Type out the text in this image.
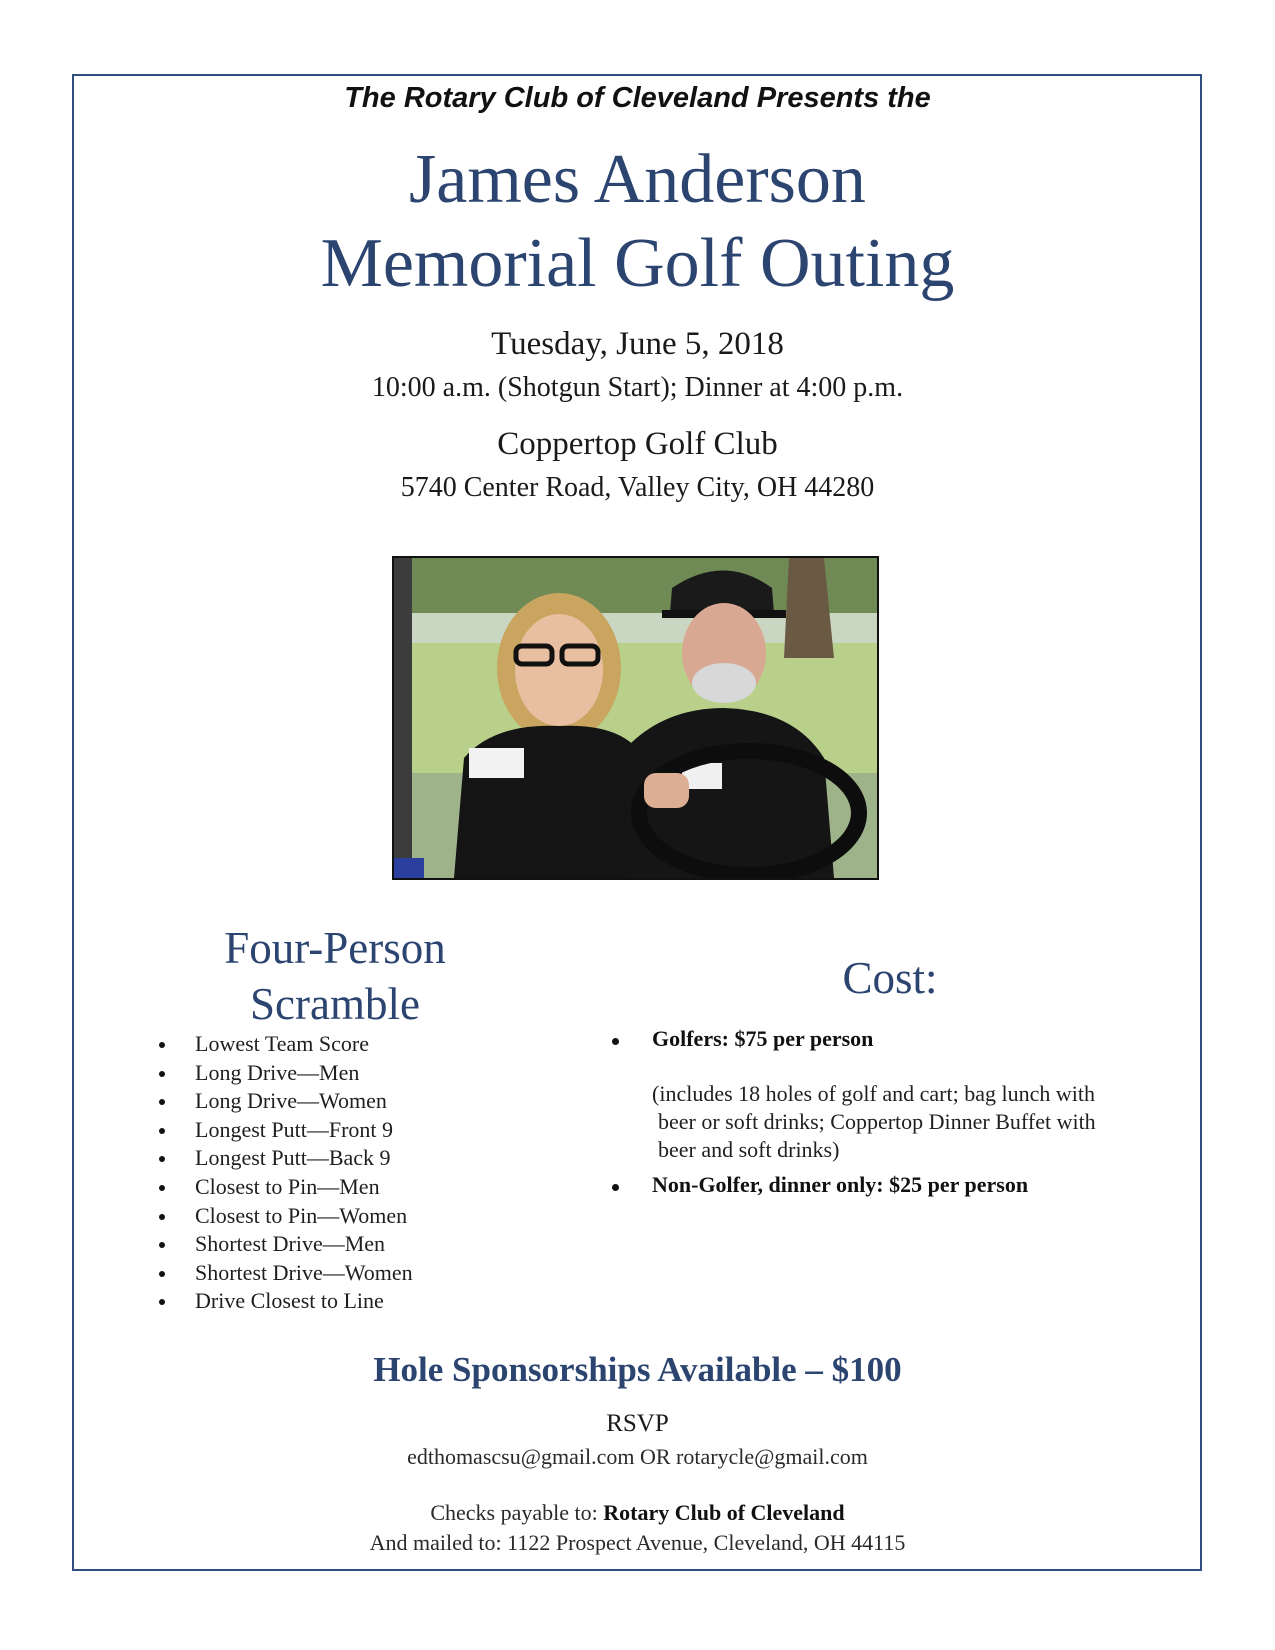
The Rotary Club of Cleveland Presents the
James Anderson
Memorial Golf Outing
Tuesday, June 5, 2018
10:00 a.m. (Shotgun Start); Dinner at 4:00 p.m.
Coppertop Golf Club
5740 Center Road, Valley City, OH 44280
Four-Person
Scramble
Lowest Team Score
Long Drive—Men
Long Drive—Women
Longest Putt—Front 9
Longest Putt—Back 9
Closest to Pin—Men
Closest to Pin—Women
Shortest Drive—Men
Shortest Drive—Women
Drive Closest to Line
Cost:
Golfers: $75 per person
(includes 18 holes of golf and cart; bag lunch with
beer or soft drinks; Coppertop Dinner Buffet with
beer and soft drinks)
Non-Golfer, dinner only: $25 per person
Hole Sponsorships Available – $100
RSVP
edthomascsu@gmail.com OR rotarycle@gmail.com
Checks payable to: Rotary Club of Cleveland
And mailed to: 1122 Prospect Avenue, Cleveland, OH 44115
